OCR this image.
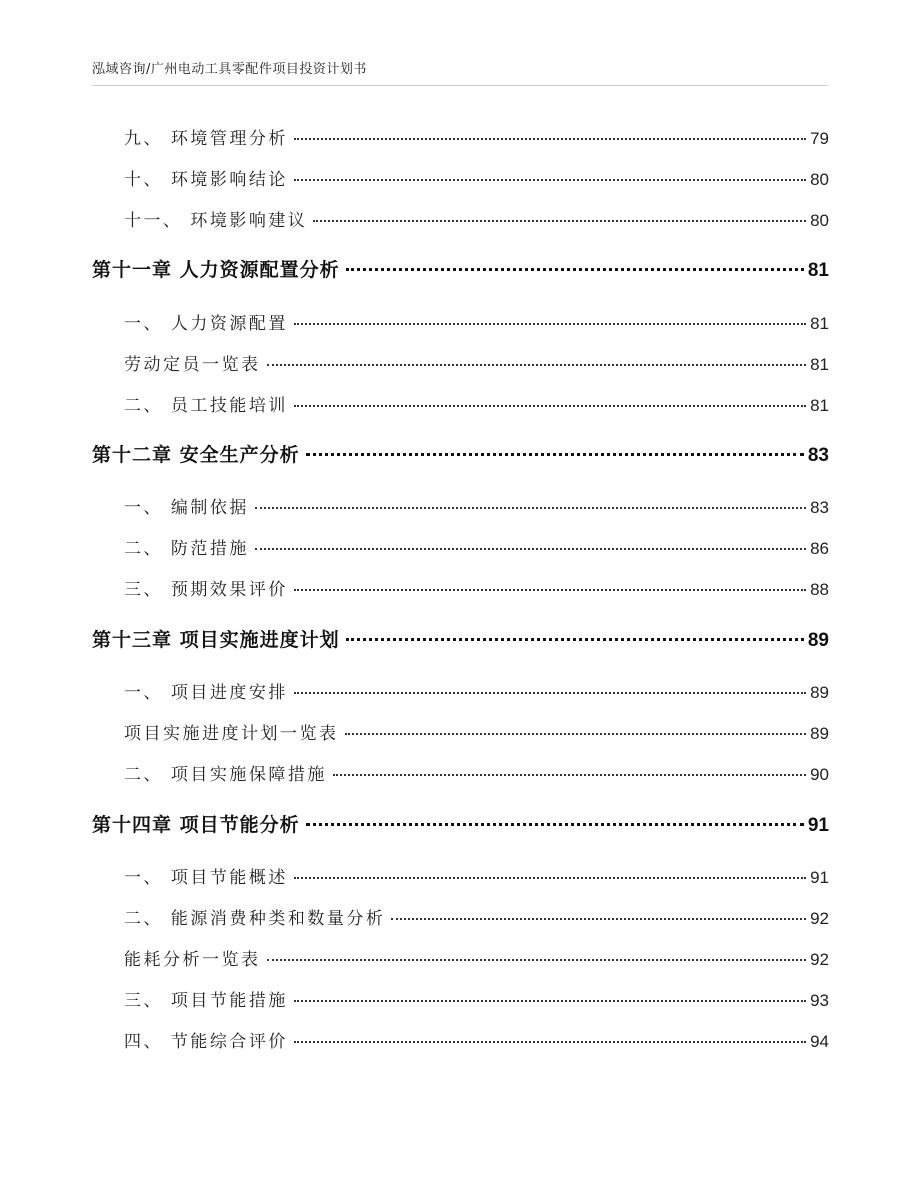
泓域咨询/广州电动工具零配件项目投资计划书
九、 环境管理分析	79
十、 环境影响结论	80
十一、 环境影响建议	80
第十一章 人力资源配置分析	81
一、 人力资源配置	81
劳动定员一览表	81
二、 员工技能培训	81
第十二章 安全生产分析	83
一、 编制依据	83
二、 防范措施	86
三、 预期效果评价	88
第十三章 项目实施进度计划	89
一、 项目进度安排	89
项目实施进度计划一览表	89
二、 项目实施保障措施	90
第十四章 项目节能分析	91
一、 项目节能概述	91
二、 能源消费种类和数量分析	92
能耗分析一览表	92
三、 项目节能措施	93
四、 节能综合评价	94
